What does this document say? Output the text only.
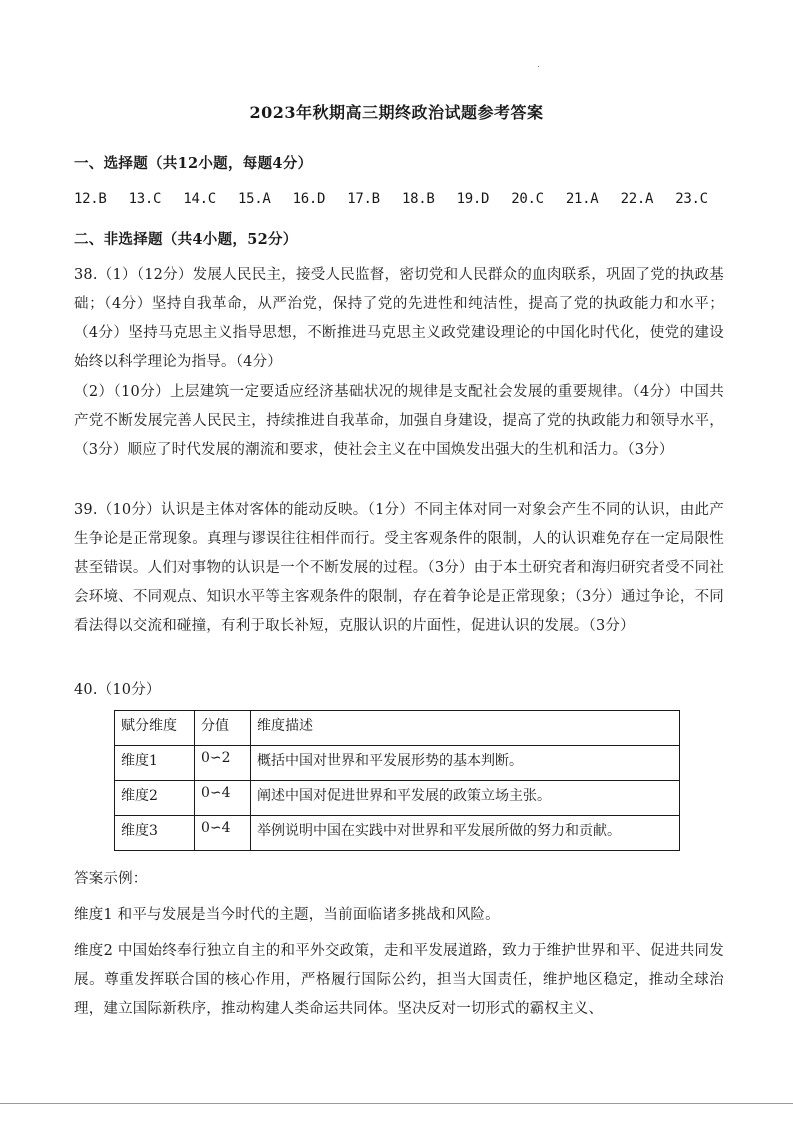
2023年秋期高三期终政治试题参考答案
一、选择题（共12小题，每题4分）
12.B 13.C 14.C 15.A 16.D 17.B 18.B 19.D 20.C 21.A 22.A 23.C
二、非选择题（共4小题，52分）

38.（1）（12分）发展人民民主，接受人民监督，密切党和人民群众的血肉联系，巩固了党的执政基础；（4分）坚持自我革命，从严治党，保持了党的先进性和纯洁性，提高了党的执政能力和水平；（4分）坚持马克思主义指导思想，不断推进马克思主义政党建设理论的中国化时代化，使党的建设始终以科学理论为指导。（4分）

（2）（10分）上层建筑一定要适应经济基础状况的规律是支配社会发展的重要规律。（4分）中国共产党不断发展完善人民民主，持续推进自我革命，加强自身建设，提高了党的执政能力和领导水平，（3分）顺应了时代发展的潮流和要求，使社会主义在中国焕发出强大的生机和活力。（3分）

39.（10分）认识是主体对客体的能动反映。（1分）不同主体对同一对象会产生不同的认识，由此产生争论是正常现象。真理与谬误往往相伴而行。受主客观条件的限制，人的认识难免存在一定局限性甚至错误。人们对事物的认识是一个不断发展的过程。（3分）由于本土研究者和海归研究者受不同社会环境、不同观点、知识水平等主客观条件的限制，存在着争论是正常现象；（3分）通过争论，不同看法得以交流和碰撞，有利于取长补短，克服认识的片面性，促进认识的发展。（3分）

40.（10分）
赋分维度	分值	维度描述
维度1	0∽2	概括中国对世界和平发展形势的基本判断。
维度2	0∽4	阐述中国对促进世界和平发展的政策立场主张。
维度3	0∽4	举例说明中国在实践中对世界和平发展所做的努力和贡献。
答案示例：

维度1 和平与发展是当今时代的主题，当前面临诸多挑战和风险。

维度2 中国始终奉行独立自主的和平外交政策，走和平发展道路，致力于维护世界和平、促进共同发展。尊重发挥联合国的核心作用，严格履行国际公约，担当大国责任，维护地区稳定，推动全球治理，建立国际新秩序，推动构建人类命运共同体。坚决反对一切形式的霸权主义、
